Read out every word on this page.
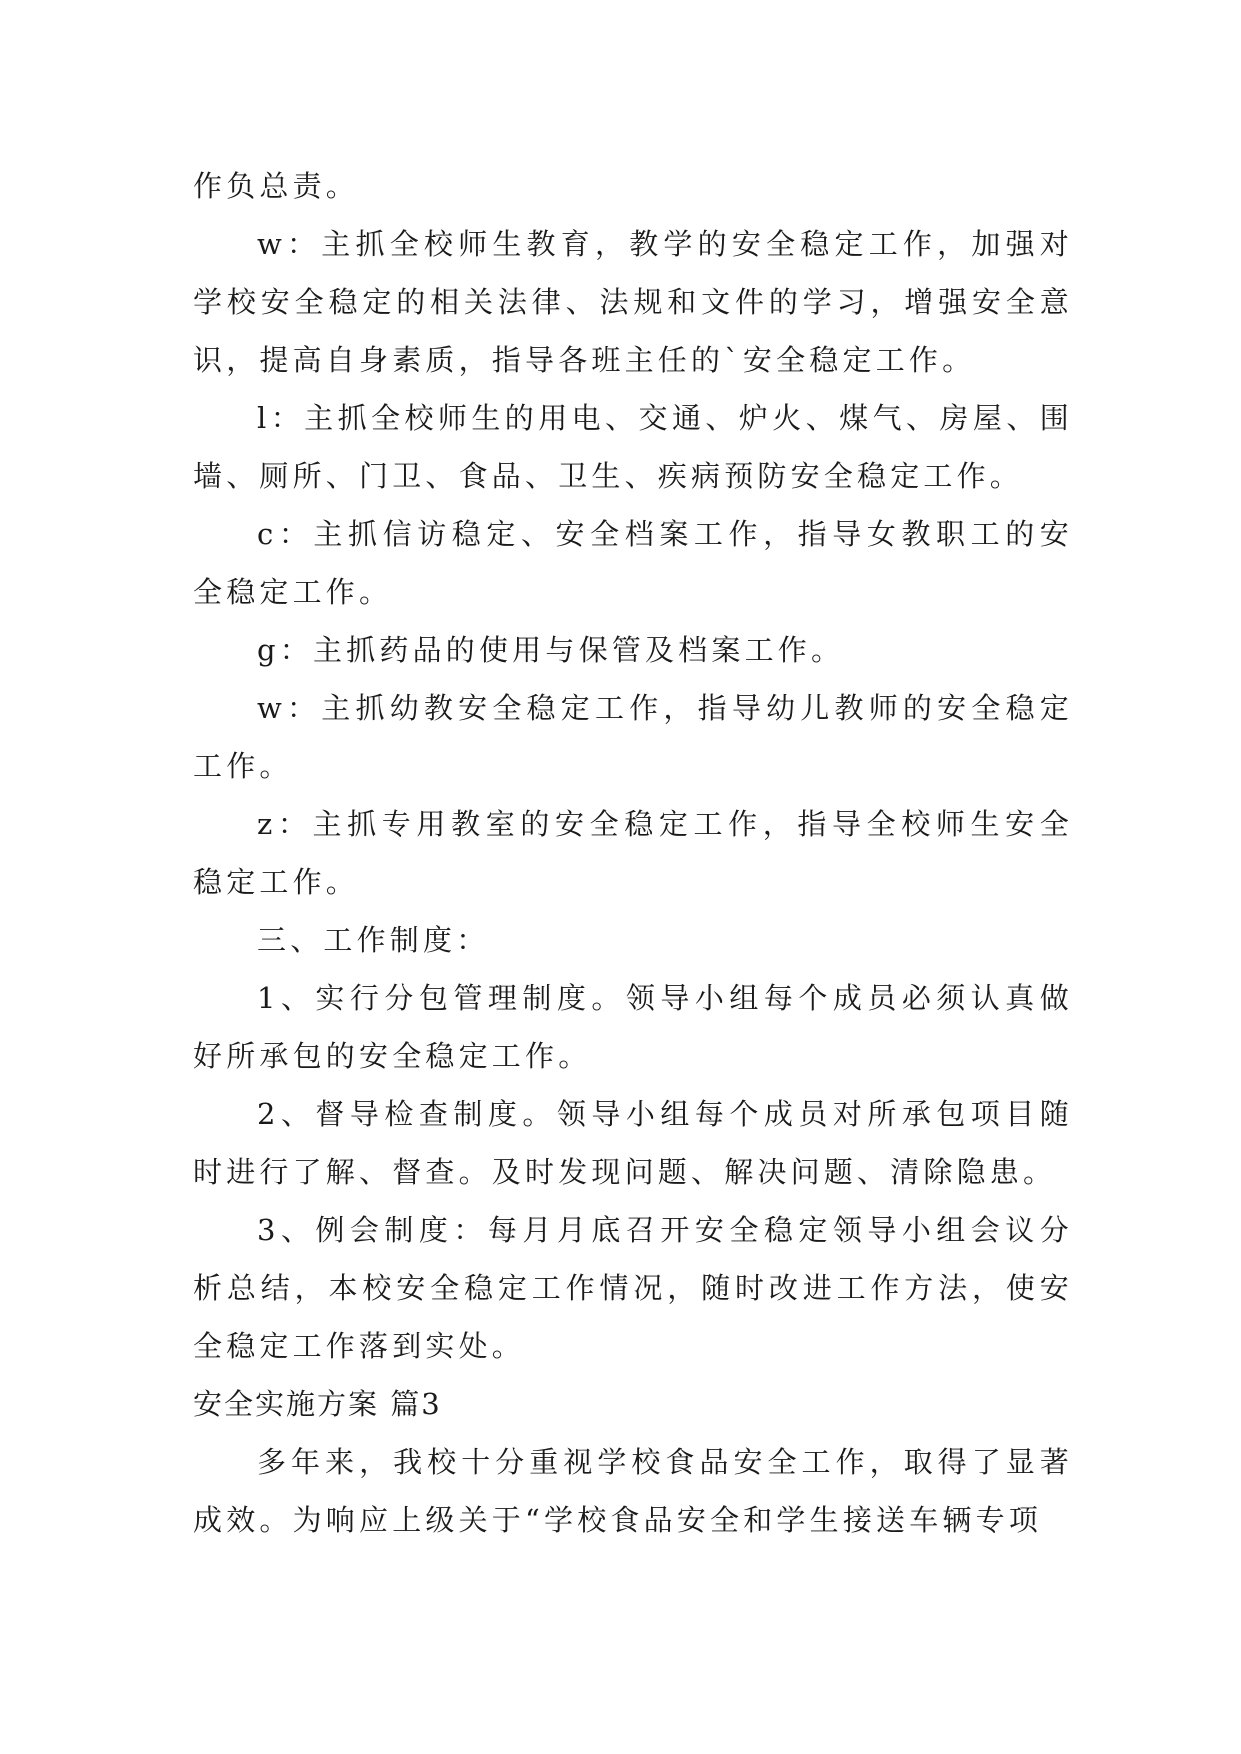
作负总责。

w：主抓全校师生教育，教学的安全稳定工作，加强对学校安全稳定的相关法律、法规和文件的学习，增强安全意识，提高自身素质，指导各班主任的`安全稳定工作。

l：主抓全校师生的用电、交通、炉火、煤气、房屋、围墙、厕所、门卫、食品、卫生、疾病预防安全稳定工作。

c：主抓信访稳定、安全档案工作，指导女教职工的安全稳定工作。

g：主抓药品的使用与保管及档案工作。

w：主抓幼教安全稳定工作，指导幼儿教师的安全稳定工作。

z：主抓专用教室的安全稳定工作，指导全校师生安全稳定工作。

三、工作制度：

1、实行分包管理制度。领导小组每个成员必须认真做好所承包的安全稳定工作。

2、督导检查制度。领导小组每个成员对所承包项目随时进行了解、督查。及时发现问题、解决问题、清除隐患。

3、例会制度：每月月底召开安全稳定领导小组会议分析总结，本校安全稳定工作情况，随时改进工作方法，使安全稳定工作落到实处。

安全实施方案 篇3

多年来，我校十分重视学校食品安全工作，取得了显著成效。为响应上级关于“学校食品安全和学生接送车辆专项
